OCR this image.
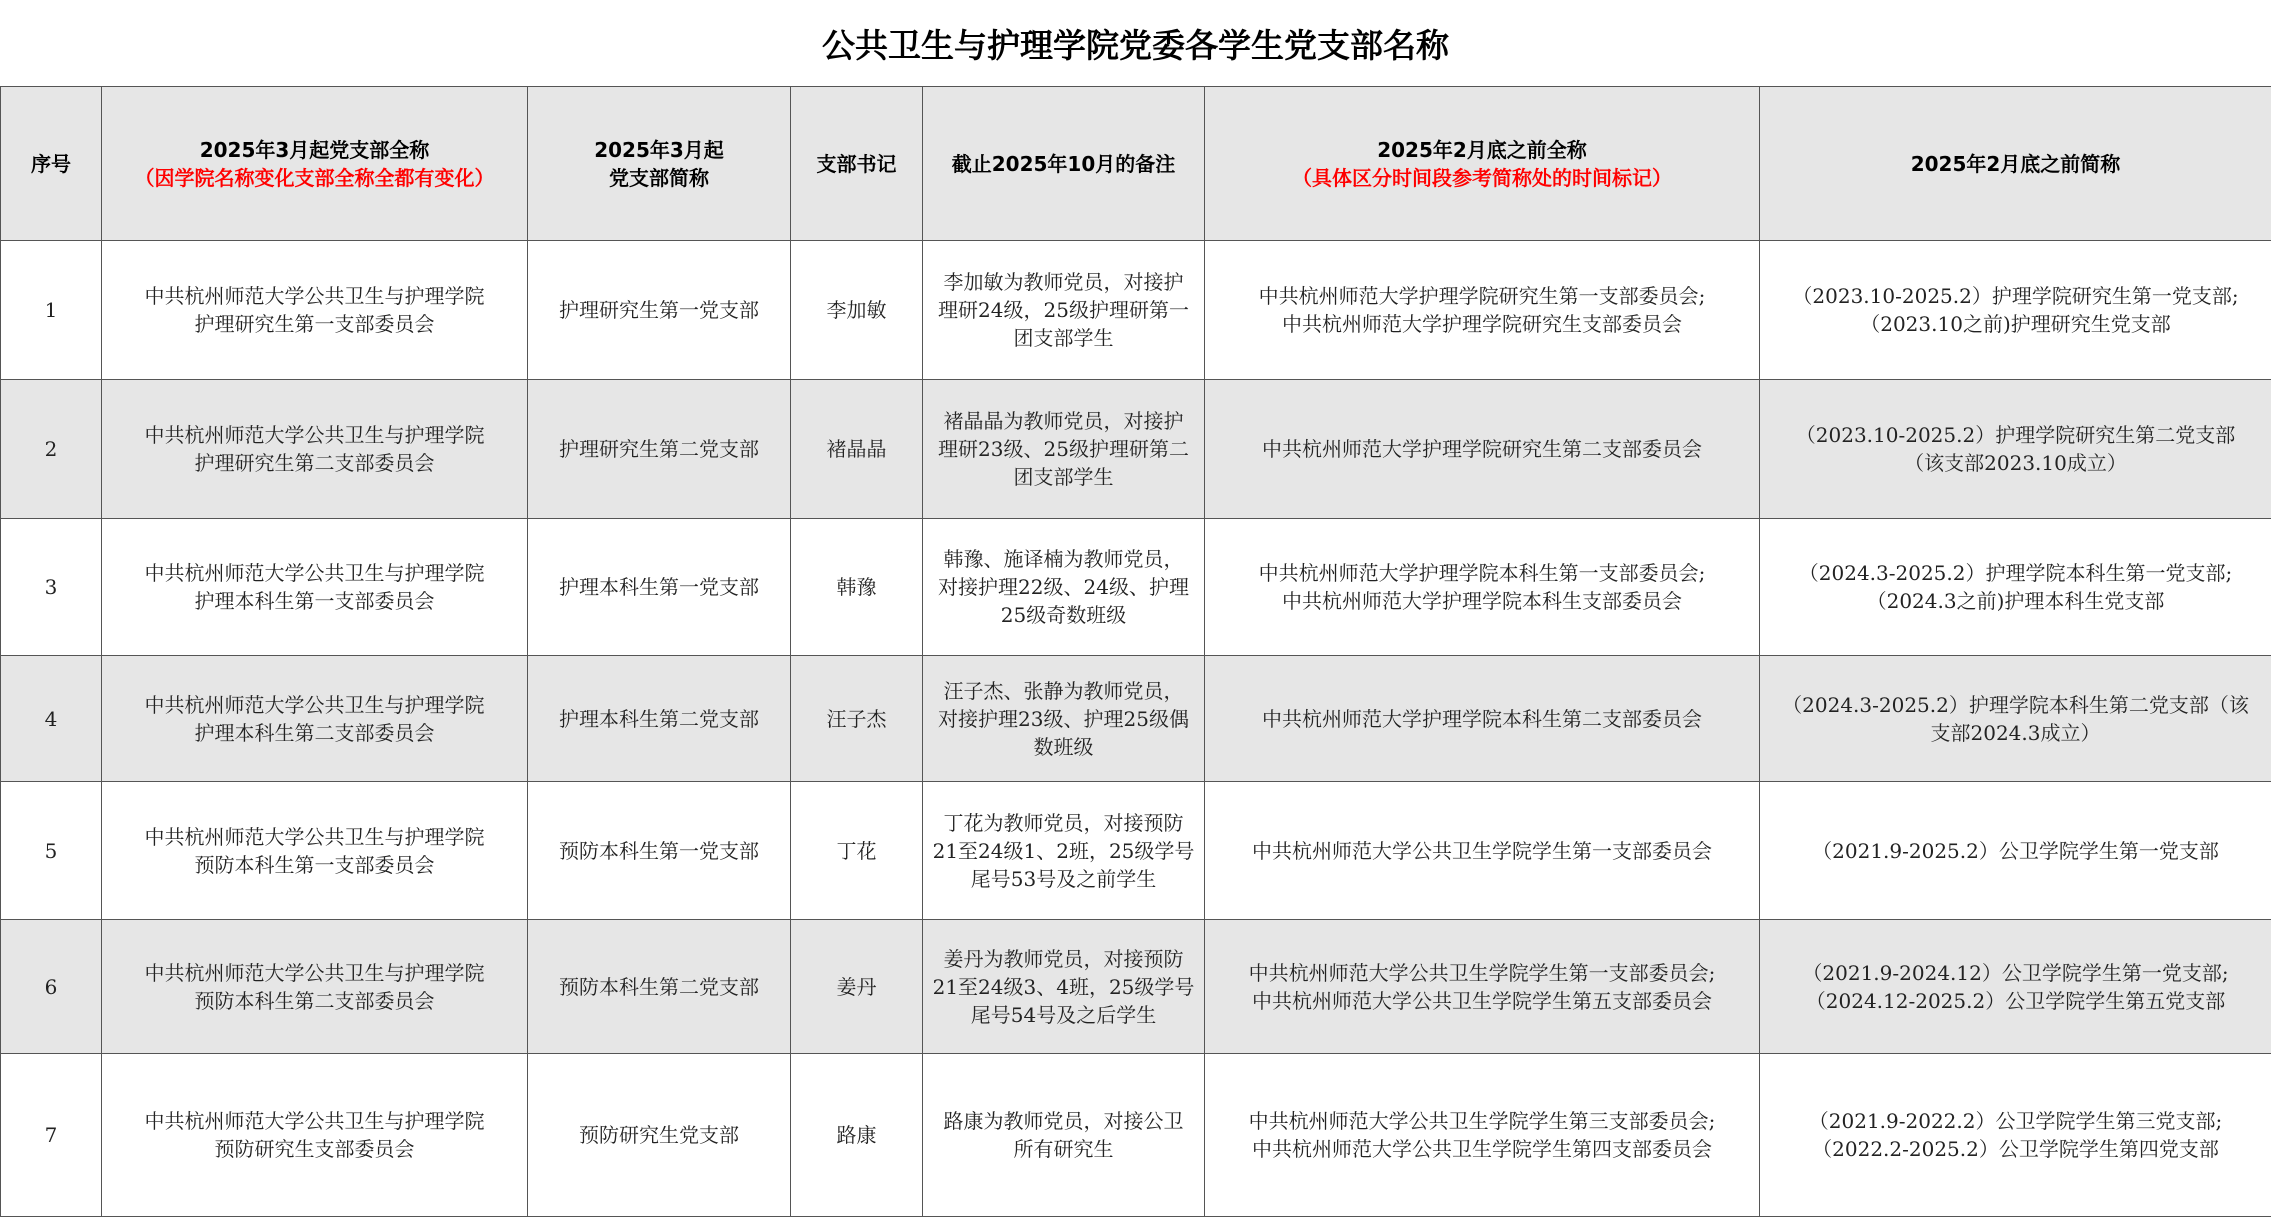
公共卫生与护理学院党委各学生党支部名称
序号	2025年3月起党支部全称
（因学院名称变化支部全称全都有变化）	2025年3月起
党支部简称	支部书记	截止2025年10月的备注	2025年2月底之前全称
（具体区分时间段参考简称处的时间标记）	2025年2月底之前简称
1	中共杭州师范大学公共卫生与护理学院
护理研究生第一支部委员会	护理研究生第一党支部	李加敏	李加敏为教师党员，对接护
理研24级，25级护理研第一
团支部学生	中共杭州师范大学护理学院研究生第一支部委员会;
中共杭州师范大学护理学院研究生支部委员会	（2023.10-2025.2）护理学院研究生第一党支部;
（2023.10之前)护理研究生党支部

2	中共杭州师范大学公共卫生与护理学院
护理研究生第二支部委员会	护理研究生第二党支部	褚晶晶	褚晶晶为教师党员，对接护
理研23级、25级护理研第二
团支部学生	中共杭州师范大学护理学院研究生第二支部委员会	（2023.10-2025.2）护理学院研究生第二党支部
（该支部2023.10成立）

3	中共杭州师范大学公共卫生与护理学院
护理本科生第一支部委员会	护理本科生第一党支部	韩豫	韩豫、施译楠为教师党员，
对接护理22级、24级、护理
25级奇数班级	中共杭州师范大学护理学院本科生第一支部委员会;
中共杭州师范大学护理学院本科生支部委员会	（2024.3-2025.2）护理学院本科生第一党支部;
（2024.3之前)护理本科生党支部

4	中共杭州师范大学公共卫生与护理学院
护理本科生第二支部委员会	护理本科生第二党支部	汪子杰	汪子杰、张静为教师党员，
对接护理23级、护理25级偶
数班级	中共杭州师范大学护理学院本科生第二支部委员会	（2024.3-2025.2）护理学院本科生第二党支部（该
支部2024.3成立）

5	中共杭州师范大学公共卫生与护理学院
预防本科生第一支部委员会	预防本科生第一党支部	丁花	丁花为教师党员，对接预防
21至24级1、2班，25级学号
尾号53号及之前学生	中共杭州师范大学公共卫生学院学生第一支部委员会	（2021.9-2025.2）公卫学院学生第一党支部

6	中共杭州师范大学公共卫生与护理学院
预防本科生第二支部委员会	预防本科生第二党支部	姜丹	姜丹为教师党员，对接预防
21至24级3、4班，25级学号
尾号54号及之后学生	中共杭州师范大学公共卫生学院学生第一支部委员会;
中共杭州师范大学公共卫生学院学生第五支部委员会	（2021.9-2024.12）公卫学院学生第一党支部;
（2024.12-2025.2）公卫学院学生第五党支部

7	中共杭州师范大学公共卫生与护理学院
预防研究生支部委员会	预防研究生党支部	路康	路康为教师党员，对接公卫
所有研究生	中共杭州师范大学公共卫生学院学生第三支部委员会;
中共杭州师范大学公共卫生学院学生第四支部委员会	（2021.9-2022.2）公卫学院学生第三党支部;
（2022.2-2025.2）公卫学院学生第四党支部
